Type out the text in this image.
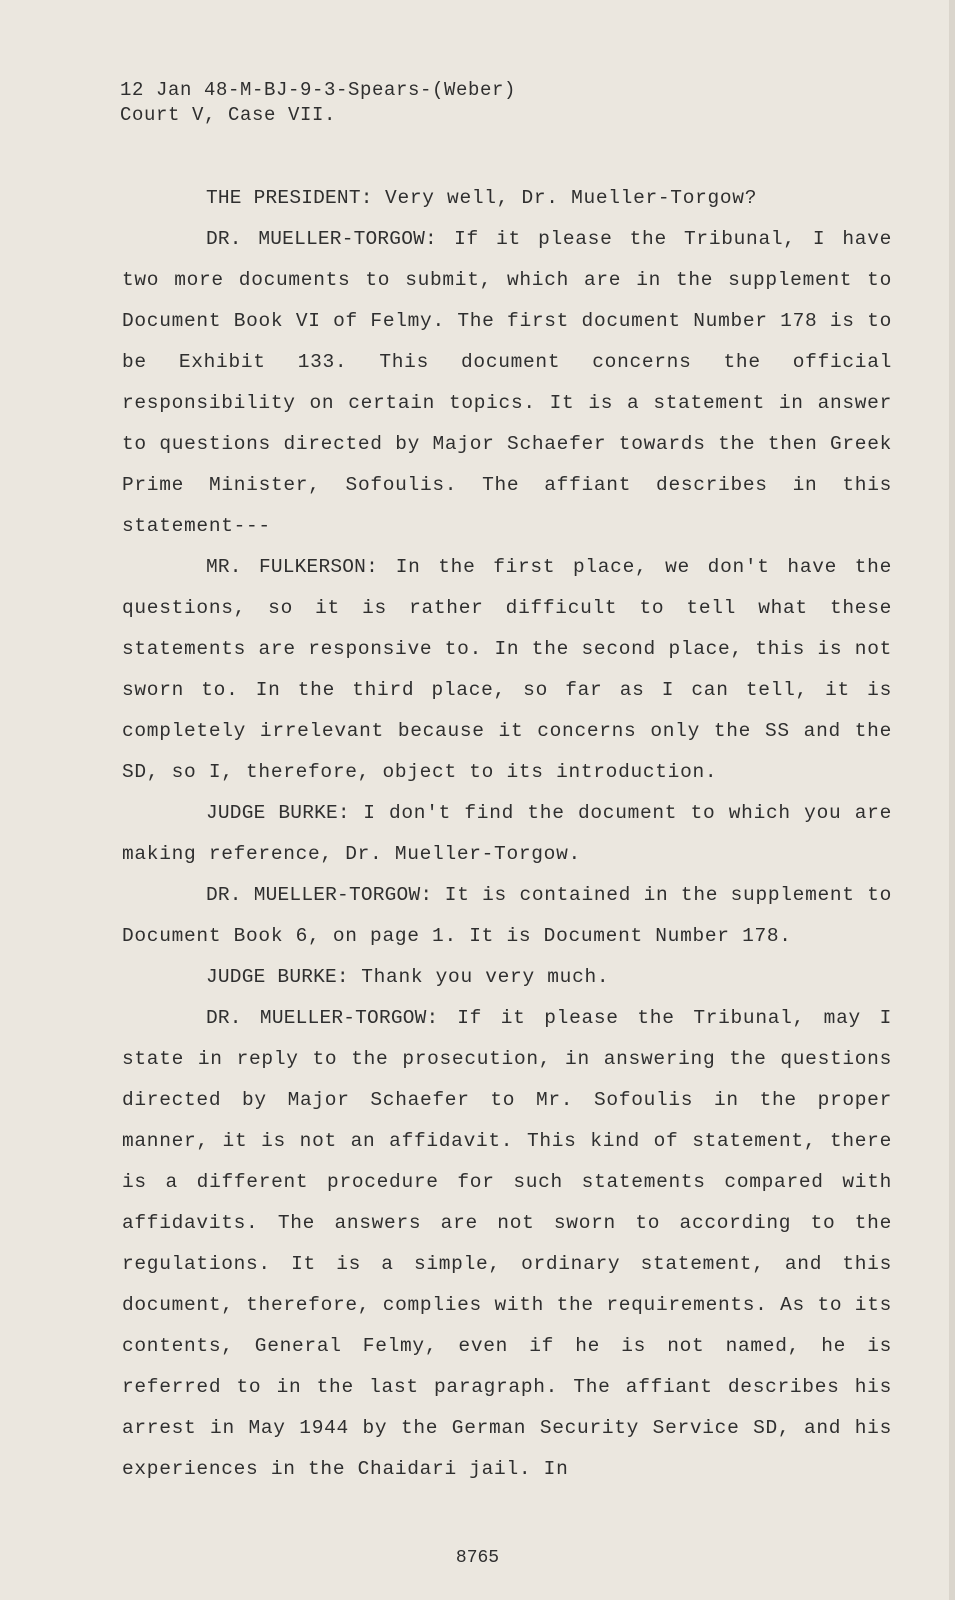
12 Jan 48-M-BJ-9-3-Spears-(Weber)
Court V, Case VII.

THE PRESIDENT: Very well, Dr. Mueller-Torgow?

DR. MUELLER-TORGOW: If it please the Tribunal, I have two more documents to submit, which are in the supplement to Document Book VI of Felmy. The first document Number 178 is to be Exhibit 133. This document concerns the official responsibility on certain topics. It is a statement in answer to questions directed by Major Schaefer towards the then Greek Prime Minister, Sofoulis. The affiant describes in this statement---

MR. FULKERSON: In the first place, we don't have the questions, so it is rather difficult to tell what these statements are responsive to. In the second place, this is not sworn to. In the third place, so far as I can tell, it is completely irrelevant because it concerns only the SS and the SD, so I, therefore, object to its introduction.

JUDGE BURKE: I don't find the document to which you are making reference, Dr. Mueller-Torgow.

DR. MUELLER-TORGOW: It is contained in the supplement to Document Book 6, on page 1. It is Document Number 178.

JUDGE BURKE: Thank you very much.

DR. MUELLER-TORGOW: If it please the Tribunal, may I state in reply to the prosecution, in answering the questions directed by Major Schaefer to Mr. Sofoulis in the proper manner, it is not an affidavit. This kind of statement, there is a different procedure for such statements compared with affidavits. The answers are not sworn to according to the regulations. It is a simple, ordinary statement, and this document, therefore, complies with the requirements. As to its contents, General Felmy, even if he is not named, he is referred to in the last paragraph. The affiant describes his arrest in May 1944 by the German Security Service SD, and his experiences in the Chaidari jail. In

8765
